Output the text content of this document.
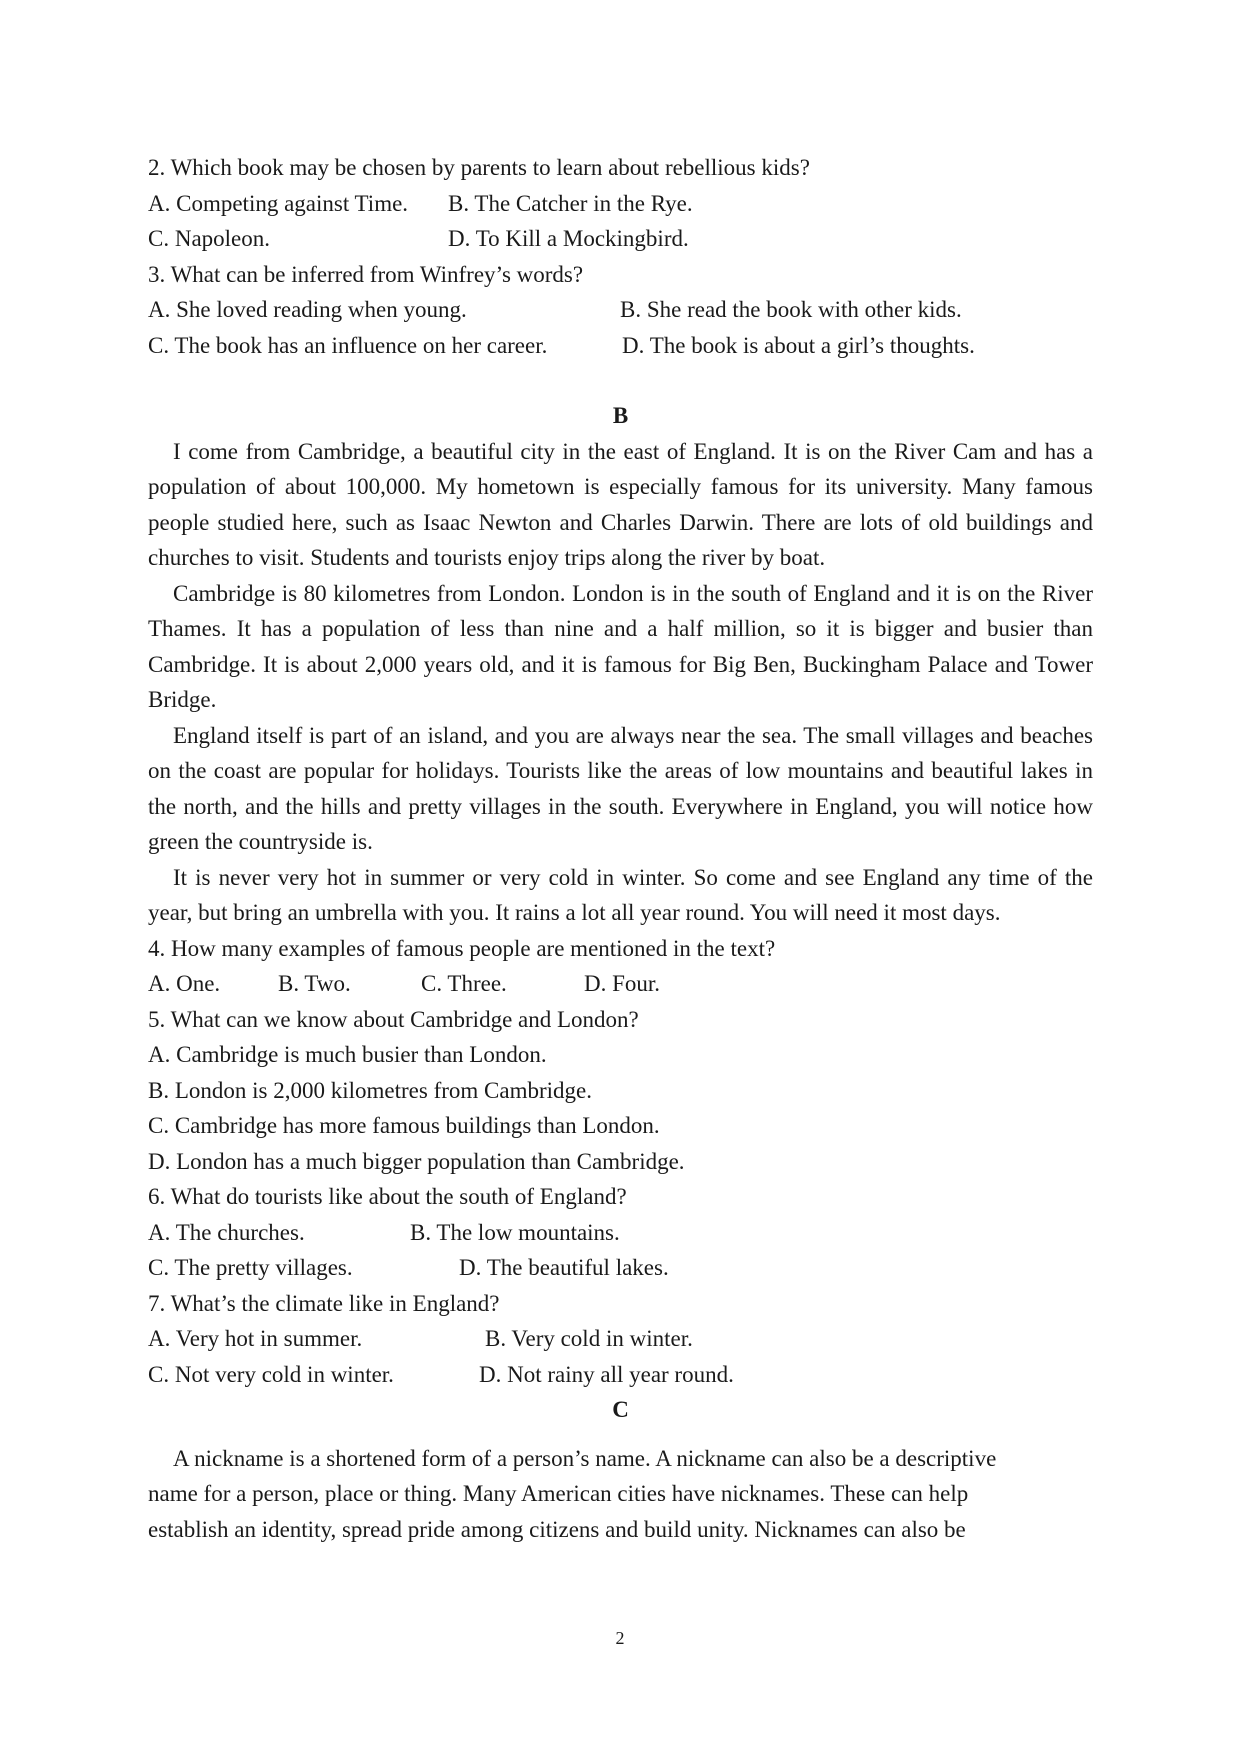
2. Which book may be chosen by parents to learn about rebellious kids?
A. Competing against Time. B. The Catcher in the Rye.
C. Napoleon.	D. To Kill a Mockingbird.
3. What can be inferred from Winfrey’s words?
A. She loved reading when young.	B. She read the book with other kids.
C. The book has an influence on her career.	D. The book is about a girl’s thoughts.
B

I come from Cambridge, a beautiful city in the east of England. It is on the River Cam and has a population of about 100,000. My hometown is especially famous for its university. Many famous people studied here, such as Isaac Newton and Charles Darwin. There are lots of old buildings and churches to visit. Students and tourists enjoy trips along the river by boat.

Cambridge is 80 kilometres from London. London is in the south of England and it is on the River Thames. It has a population of less than nine and a half million, so it is bigger and busier than Cambridge. It is about 2,000 years old, and it is famous for Big Ben, Buckingham Palace and Tower Bridge.

England itself is part of an island, and you are always near the sea. The small villages and beaches on the coast are popular for holidays. Tourists like the areas of low mountains and beautiful lakes in the north, and the hills and pretty villages in the south. Everywhere in England, you will notice how green the countryside is.

It is never very hot in summer or very cold in winter. So come and see England any time of the year, but bring an umbrella with you. It rains a lot all year round. You will need it most days.

4. How many examples of famous people are mentioned in the text?
A. One.	B. Two.	C. Three.	D. Four.
5. What can we know about Cambridge and London?
A. Cambridge is much busier than London.
B. London is 2,000 kilometres from Cambridge.
C. Cambridge has more famous buildings than London.
D. London has a much bigger population than Cambridge.
6. What do tourists like about the south of England?
A. The churches.	B. The low mountains.
C. The pretty villages.	D. The beautiful lakes.
7. What’s the climate like in England?
A. Very hot in summer.	B. Very cold in winter.
C. Not very cold in winter.	D. Not rainy all year round.
C
A nickname is a shortened form of a person’s name. A nickname can also be a descriptive
name for a person, place or thing. Many American cities have nicknames. These can help
establish an identity, spread pride among citizens and build unity. Nicknames can also be
2
